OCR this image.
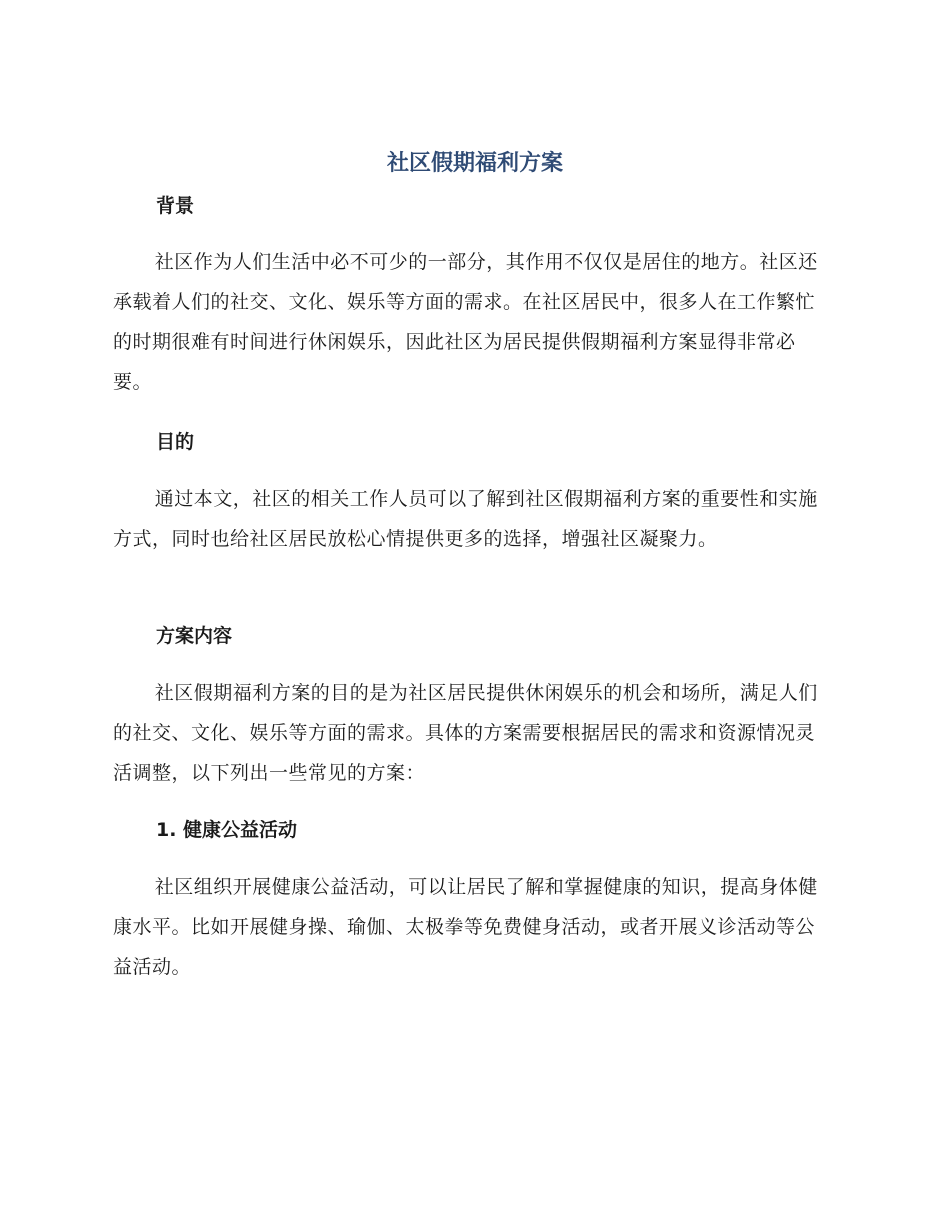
社区假期福利方案
背景

社区作为人们生活中必不可少的一部分，其作用不仅仅是居住的地方。社区还承载着人们的社交、文化、娱乐等方面的需求。在社区居民中，很多人在工作繁忙的时期很难有时间进行休闲娱乐，因此社区为居民提供假期福利方案显得非常必要。

目的

通过本文，社区的相关工作人员可以了解到社区假期福利方案的重要性和实施方式，同时也给社区居民放松心情提供更多的选择，增强社区凝聚力。

方案内容

社区假期福利方案的目的是为社区居民提供休闲娱乐的机会和场所，满足人们的社交、文化、娱乐等方面的需求。具体的方案需要根据居民的需求和资源情况灵活调整，以下列出一些常见的方案：

1. 健康公益活动

社区组织开展健康公益活动，可以让居民了解和掌握健康的知识，提高身体健康水平。比如开展健身操、瑜伽、太极拳等免费健身活动，或者开展义诊活动等公益活动。
